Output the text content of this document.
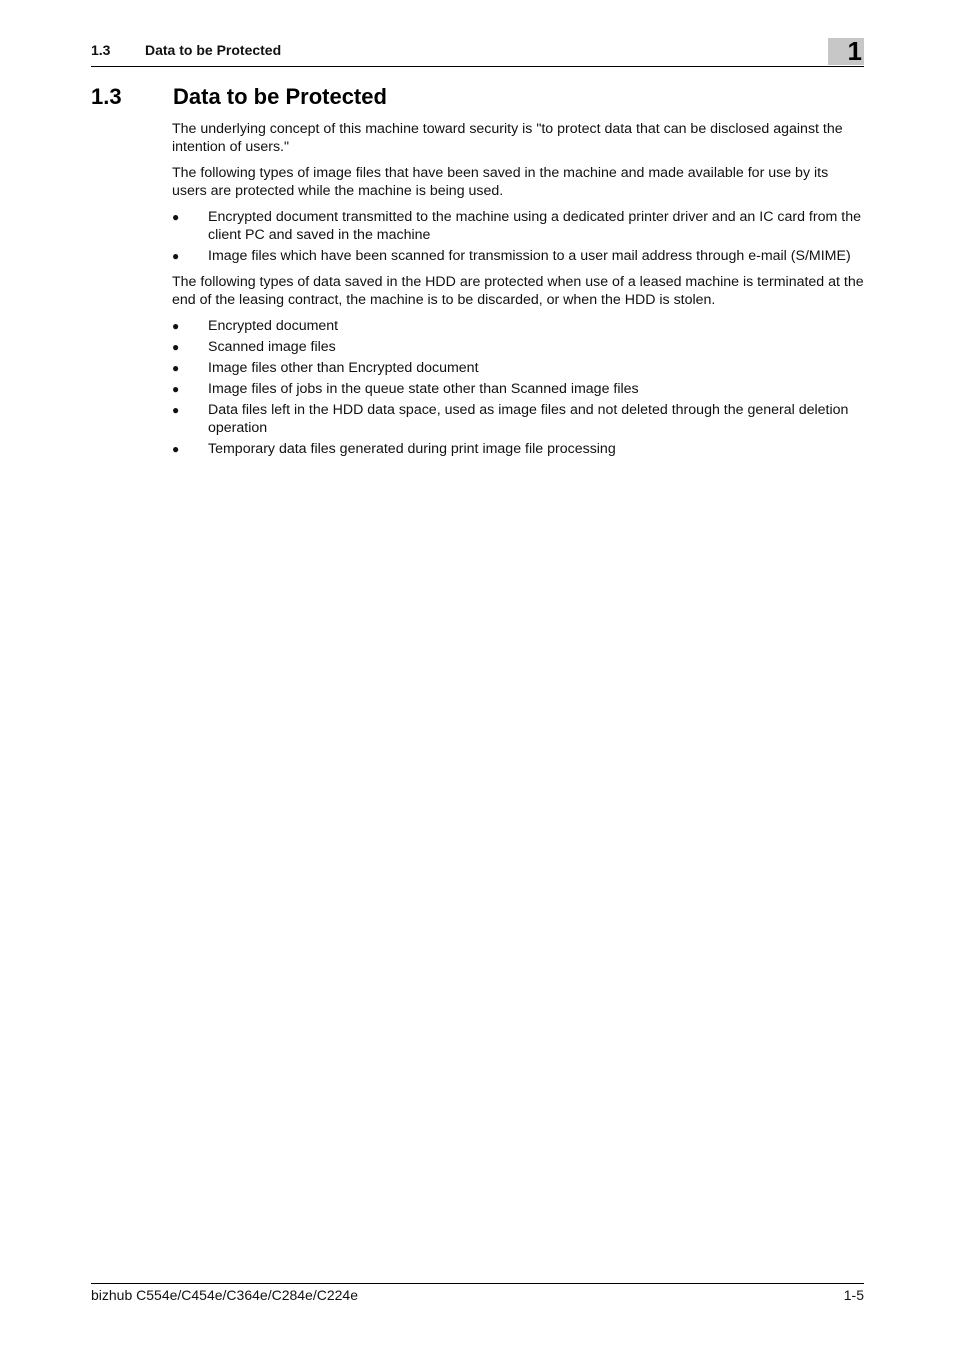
1.3 Data to be Protected	1
1.3 Data to be Protected

The underlying concept of this machine toward security is "to protect data that can be disclosed against the intention of users."

The following types of image files that have been saved in the machine and made available for use by its users are protected while the machine is being used.

● Encrypted document transmitted to the machine using a dedicated printer driver and an IC card from the client PC and saved in the machine
● Image files which have been scanned for transmission to a user mail address through e-mail (S/MIME)

The following types of data saved in the HDD are protected when use of a leased machine is terminated at the end of the leasing contract, the machine is to be discarded, or when the HDD is stolen.

● Encrypted document
● Scanned image files
● Image files other than Encrypted document
● Image files of jobs in the queue state other than Scanned image files
● Data files left in the HDD data space, used as image files and not deleted through the general deletion operation
● Temporary data files generated during print image file processing
bizhub C554e/C454e/C364e/C284e/C224e	1-5
